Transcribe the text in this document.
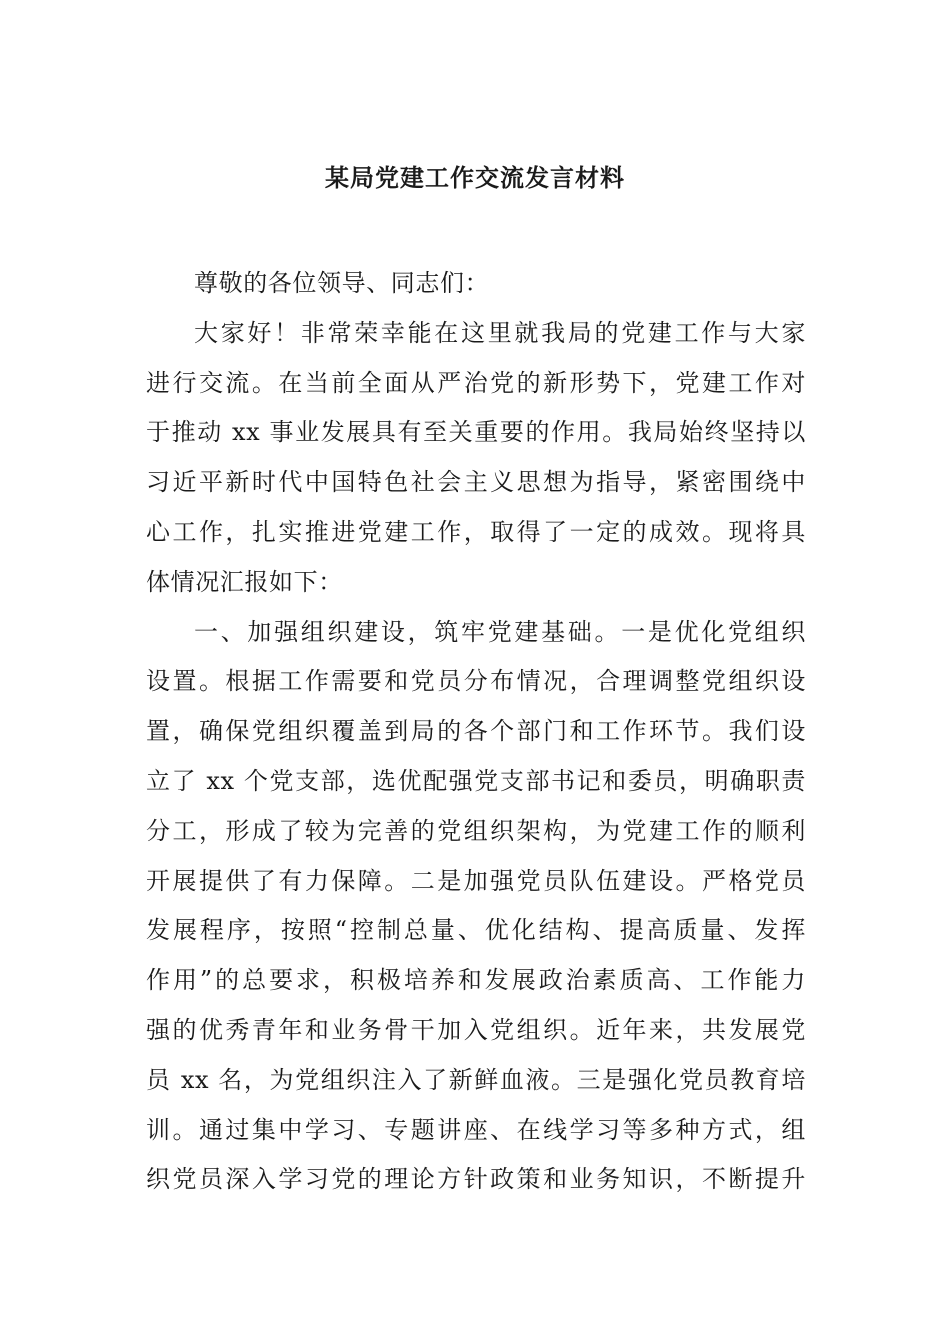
某局党建工作交流发言材料
尊敬的各位领导、同志们：
大家好！非常荣幸能在这里就我局的党建工作与大家
进行交流。在当前全面从严治党的新形势下，党建工作对
于推动 xx 事业发展具有至关重要的作用。我局始终坚持以
习近平新时代中国特色社会主义思想为指导，紧密围绕中
心工作，扎实推进党建工作，取得了一定的成效。现将具
体情况汇报如下：
一、加强组织建设，筑牢党建基础。一是优化党组织
设置。根据工作需要和党员分布情况，合理调整党组织设
置，确保党组织覆盖到局的各个部门和工作环节。我们设
立了 xx 个党支部，选优配强党支部书记和委员，明确职责
分工，形成了较为完善的党组织架构，为党建工作的顺利
开展提供了有力保障。二是加强党员队伍建设。严格党员
发展程序，按照“控制总量、优化结构、提高质量、发挥
作用”的总要求，积极培养和发展政治素质高、工作能力
强的优秀青年和业务骨干加入党组织。近年来，共发展党
员 xx 名，为党组织注入了新鲜血液。三是强化党员教育培
训。通过集中学习、专题讲座、在线学习等多种方式，组
织党员深入学习党的理论方针政策和业务知识，不断提升
